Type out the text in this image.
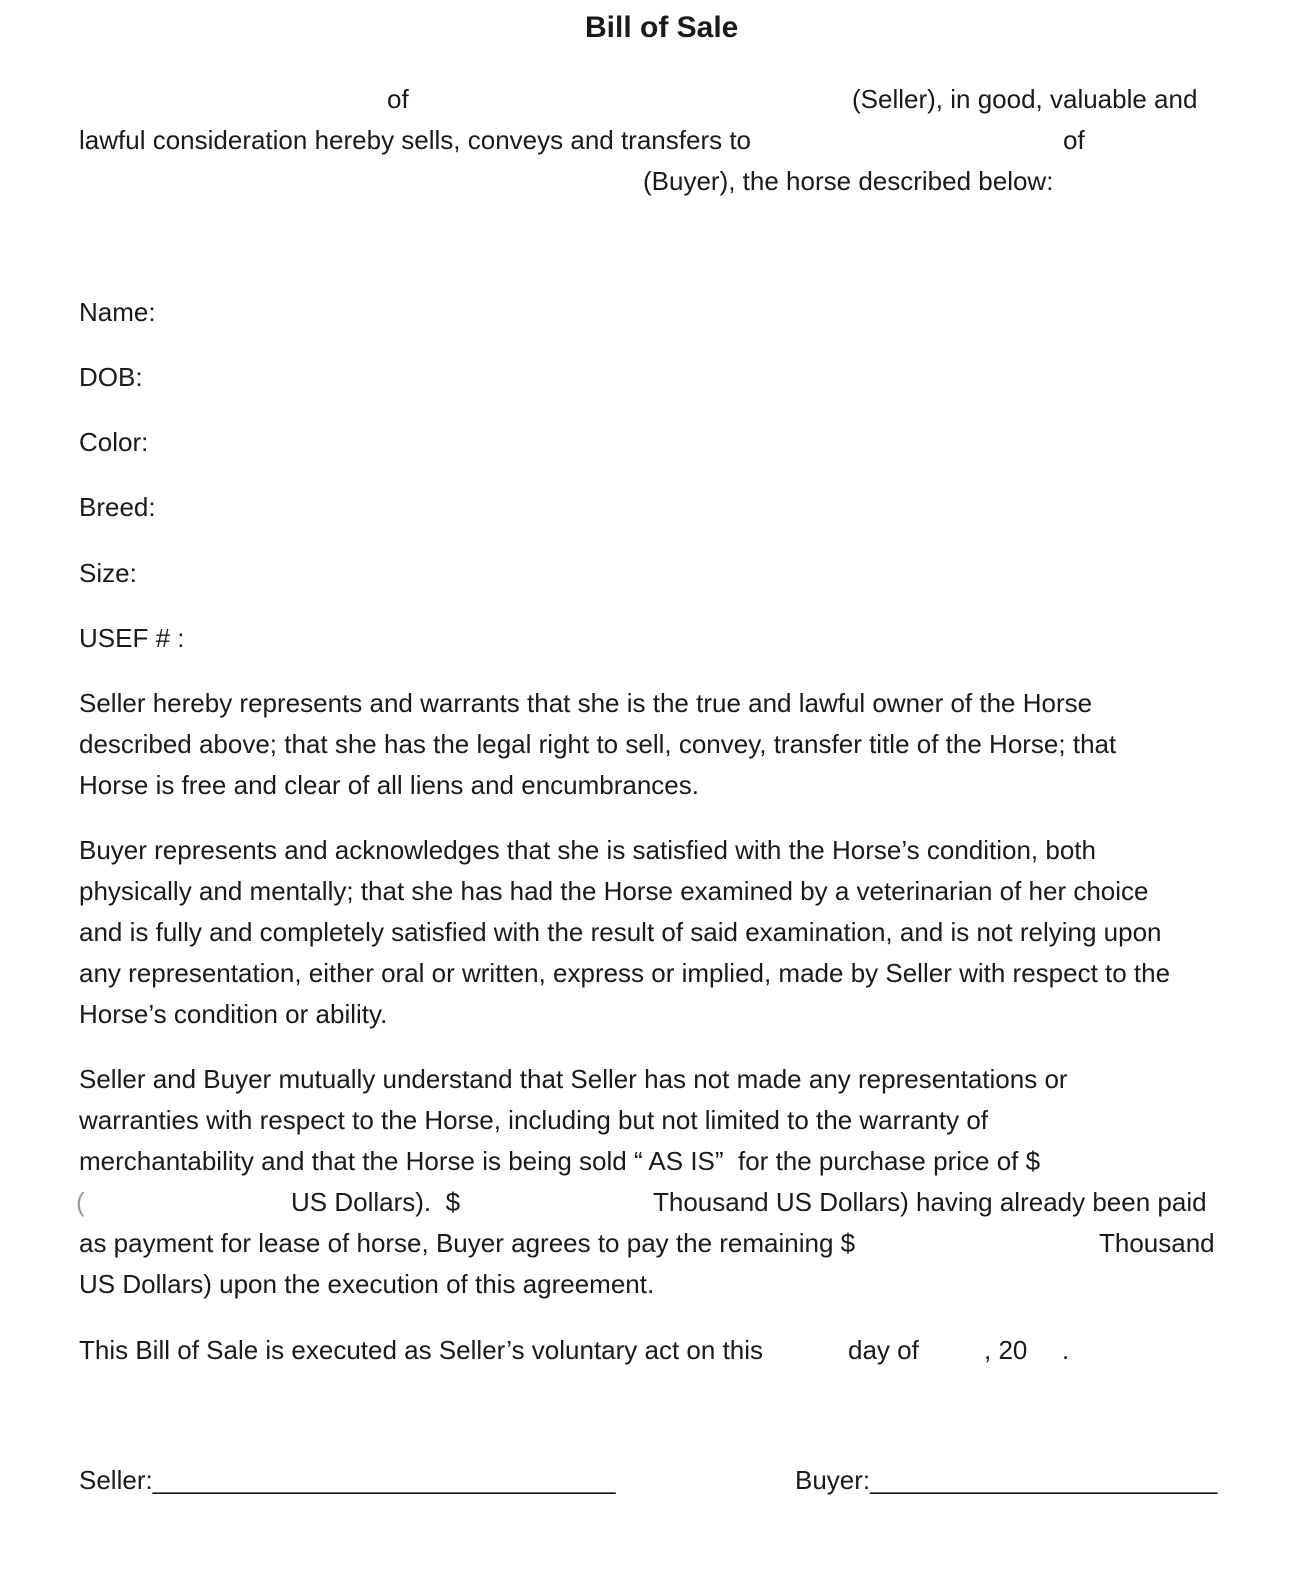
Bill of Sale
of	(Seller), in good, valuable and
lawful consideration hereby sells, conveys and transfers to	of
(Buyer), the horse described below:
Name:
DOB:
Color:
Breed:
Size:
USEF # :
Seller hereby represents and warrants that she is the true and lawful owner of the Horse
described above; that she has the legal right to sell, convey, transfer title of the Horse; that
Horse is free and clear of all liens and encumbrances.
Buyer represents and acknowledges that she is satisfied with the Horse’s condition, both
physically and mentally; that she has had the Horse examined by a veterinarian of her choice
and is fully and completely satisfied with the result of said examination, and is not relying upon
any representation, either oral or written, express or implied, made by Seller with respect to the
Horse’s condition or ability.
Seller and Buyer mutually understand that Seller has not made any representations or
warranties with respect to the Horse, including but not limited to the warranty of
merchantability and that the Horse is being sold “ AS IS”  for the purchase price of $
(	US Dollars).  $	Thousand US Dollars) having already been paid
as payment for lease of horse, Buyer agrees to pay the remaining $	Thousand
US Dollars) upon the execution of this agreement.
This Bill of Sale is executed as Seller’s voluntary act on this	day of	, 20 .
Seller:________________________________	Buyer:________________________
